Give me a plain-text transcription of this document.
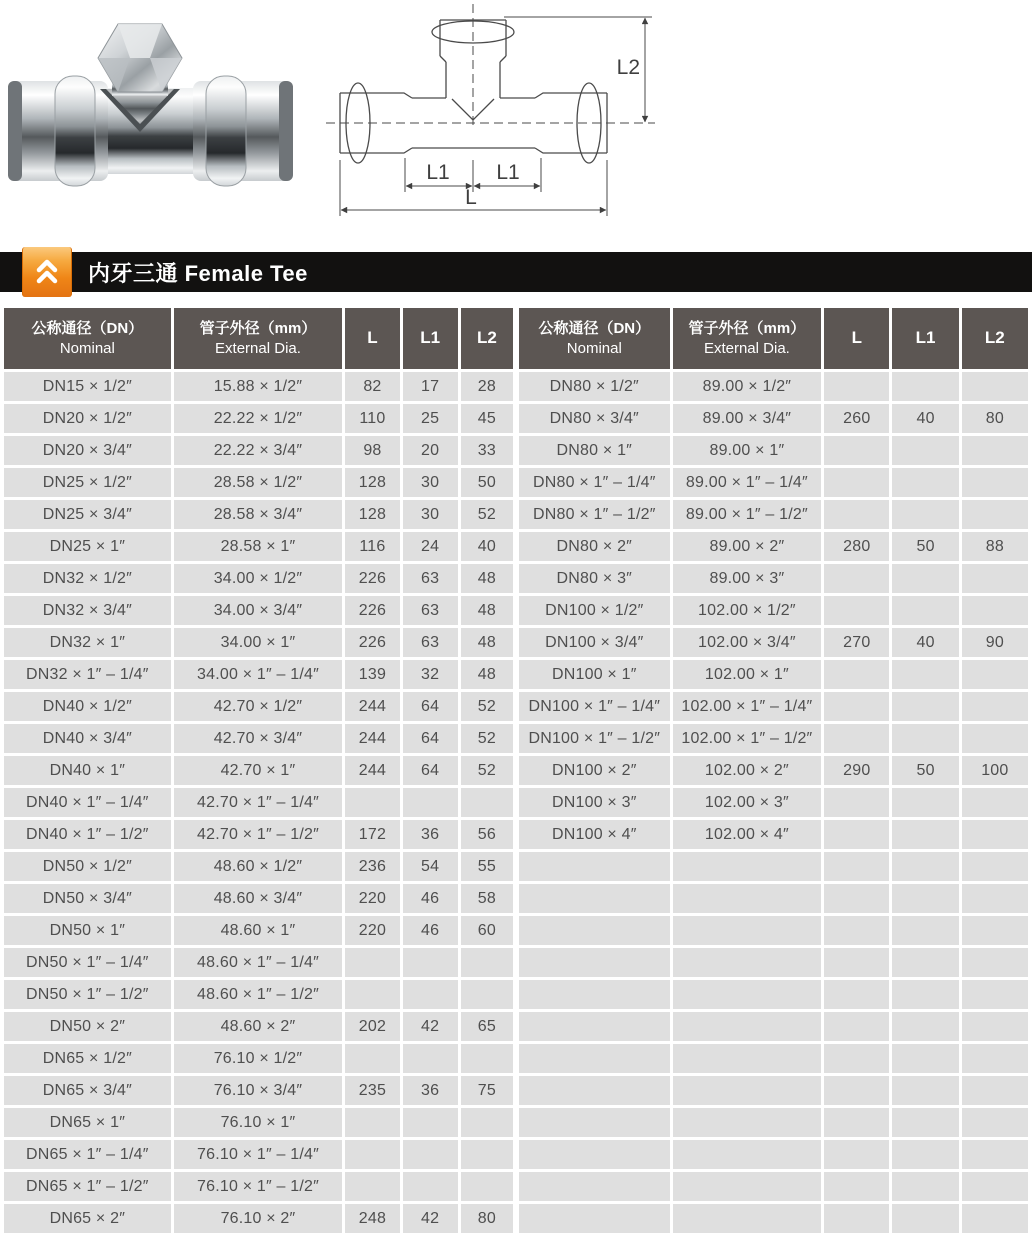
L2
L1 L1
L
内牙三通 Female Tee
公称通径（DN）
Nominal	管子外径（mm）
External Dia.	L	L1	L2
DN15 × 1/2″	15.88 × 1/2″	82	17	28
DN20 × 1/2″	22.22 × 1/2″	110	25	45
DN20 × 3/4″	22.22 × 3/4″	98	20	33
DN25 × 1/2″	28.58 × 1/2″	128	30	50
DN25 × 3/4″	28.58 × 3/4″	128	30	52
DN25 × 1″	28.58 × 1″	116	24	40
DN32 × 1/2″	34.00 × 1/2″	226	63	48
DN32 × 3/4″	34.00 × 3/4″	226	63	48
DN32 × 1″	34.00 × 1″	226	63	48
DN32 × 1″ – 1/4″	34.00 × 1″ – 1/4″	139	32	48
DN40 × 1/2″	42.70 × 1/2″	244	64	52
DN40 × 3/4″	42.70 × 3/4″	244	64	52
DN40 × 1″	42.70 × 1″	244	64	52
DN40 × 1″ – 1/4″	42.70 × 1″ – 1/4″			
DN40 × 1″ – 1/2″	42.70 × 1″ – 1/2″	172	36	56
DN50 × 1/2″	48.60 × 1/2″	236	54	55
DN50 × 3/4″	48.60 × 3/4″	220	46	58
DN50 × 1″	48.60 × 1″	220	46	60
DN50 × 1″ – 1/4″	48.60 × 1″ – 1/4″			
DN50 × 1″ – 1/2″	48.60 × 1″ – 1/2″			
DN50 × 2″	48.60 × 2″	202	42	65
DN65 × 1/2″	76.10 × 1/2″			
DN65 × 3/4″	76.10 × 3/4″	235	36	75
DN65 × 1″	76.10 × 1″			
DN65 × 1″ – 1/4″	76.10 × 1″ – 1/4″			
DN65 × 1″ – 1/2″	76.10 × 1″ – 1/2″			
DN65 × 2″	76.10 × 2″	248	42	80
公称通径（DN）
Nominal	管子外径（mm）
External Dia.	L	L1	L2
DN80 × 1/2″	89.00 × 1/2″			
DN80 × 3/4″	89.00 × 3/4″	260	40	80
DN80 × 1″	89.00 × 1″			
DN80 × 1″ – 1/4″	89.00 × 1″ – 1/4″			
DN80 × 1″ – 1/2″	89.00 × 1″ – 1/2″			
DN80 × 2″	89.00 × 2″	280	50	88
DN80 × 3″	89.00 × 3″			
DN100 × 1/2″	102.00 × 1/2″			
DN100 × 3/4″	102.00 × 3/4″	270	40	90
DN100 × 1″	102.00 × 1″			
DN100 × 1″ – 1/4″	102.00 × 1″ – 1/4″			
DN100 × 1″ – 1/2″	102.00 × 1″ – 1/2″			
DN100 × 2″	102.00 × 2″	290	50	100
DN100 × 3″	102.00 × 3″			
DN100 × 4″	102.00 × 4″			
